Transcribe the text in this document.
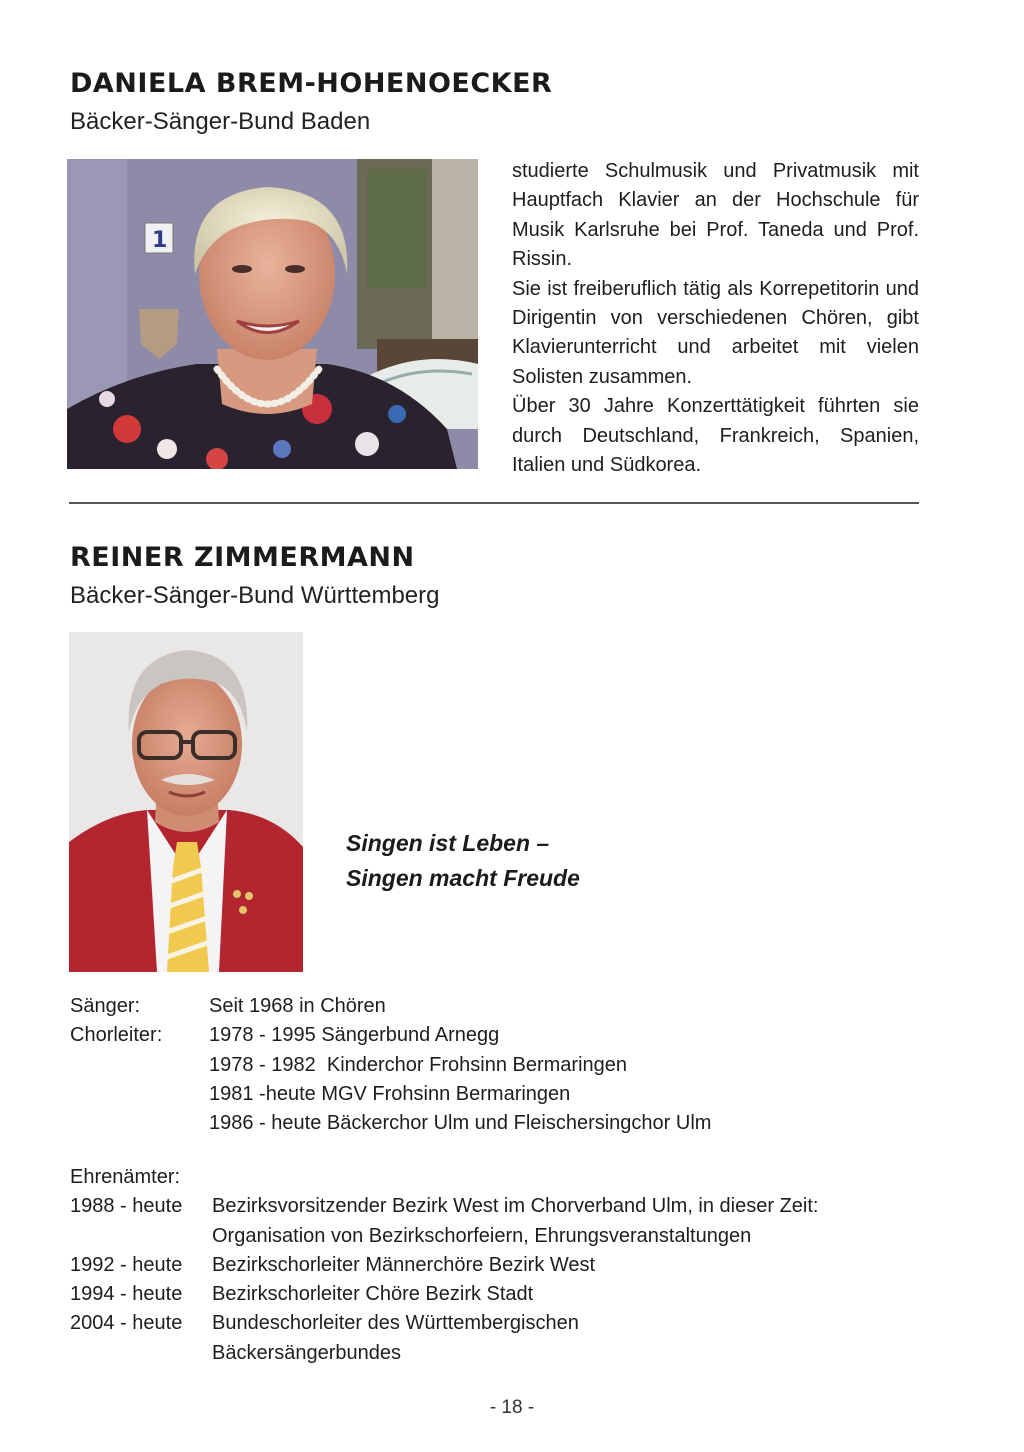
DANIELA BREM-HOHENOECKER
Bäcker-Sänger-Bund Baden
1

studierte Schulmusik und Privatmusik mit Hauptfach Klavier an der Hochschule für Musik Karlsruhe bei Prof. Taneda und Prof. Rissin.

Sie ist freiberuflich tätig als Korrepetitorin und Dirigentin von verschiedenen Chören, gibt Klavierunterricht und arbeitet mit vielen Solisten zusammen.

Über 30 Jahre Konzerttätigkeit führten sie durch Deutschland, Frankreich, Spanien, Italien und Südkorea.

REINER ZIMMERMANN
Bäcker-Sänger-Bund Württemberg
Singen ist Leben –
Singen macht Freude
Sänger:	Seit 1968 in Chören
Chorleiter:	1978 - 1995 Sängerbund Arnegg
1978 - 1982  Kinderchor Frohsinn Bermaringen
1981 -heute MGV Frohsinn Bermaringen
1986 - heute Bäckerchor Ulm und Fleischersingchor Ulm
Ehrenämter:
1988 - heute	Bezirksvorsitzender Bezirk West im Chorverband Ulm, in dieser Zeit:
Organisation von Bezirkschorfeiern, Ehrungsveranstaltungen
1992 - heute	Bezirkschorleiter Männerchöre Bezirk West
1994 - heute	Bezirkschorleiter Chöre Bezirk Stadt
2004 - heute	Bundeschorleiter des Württembergischen
Bäckersängerbundes
- 18 -
